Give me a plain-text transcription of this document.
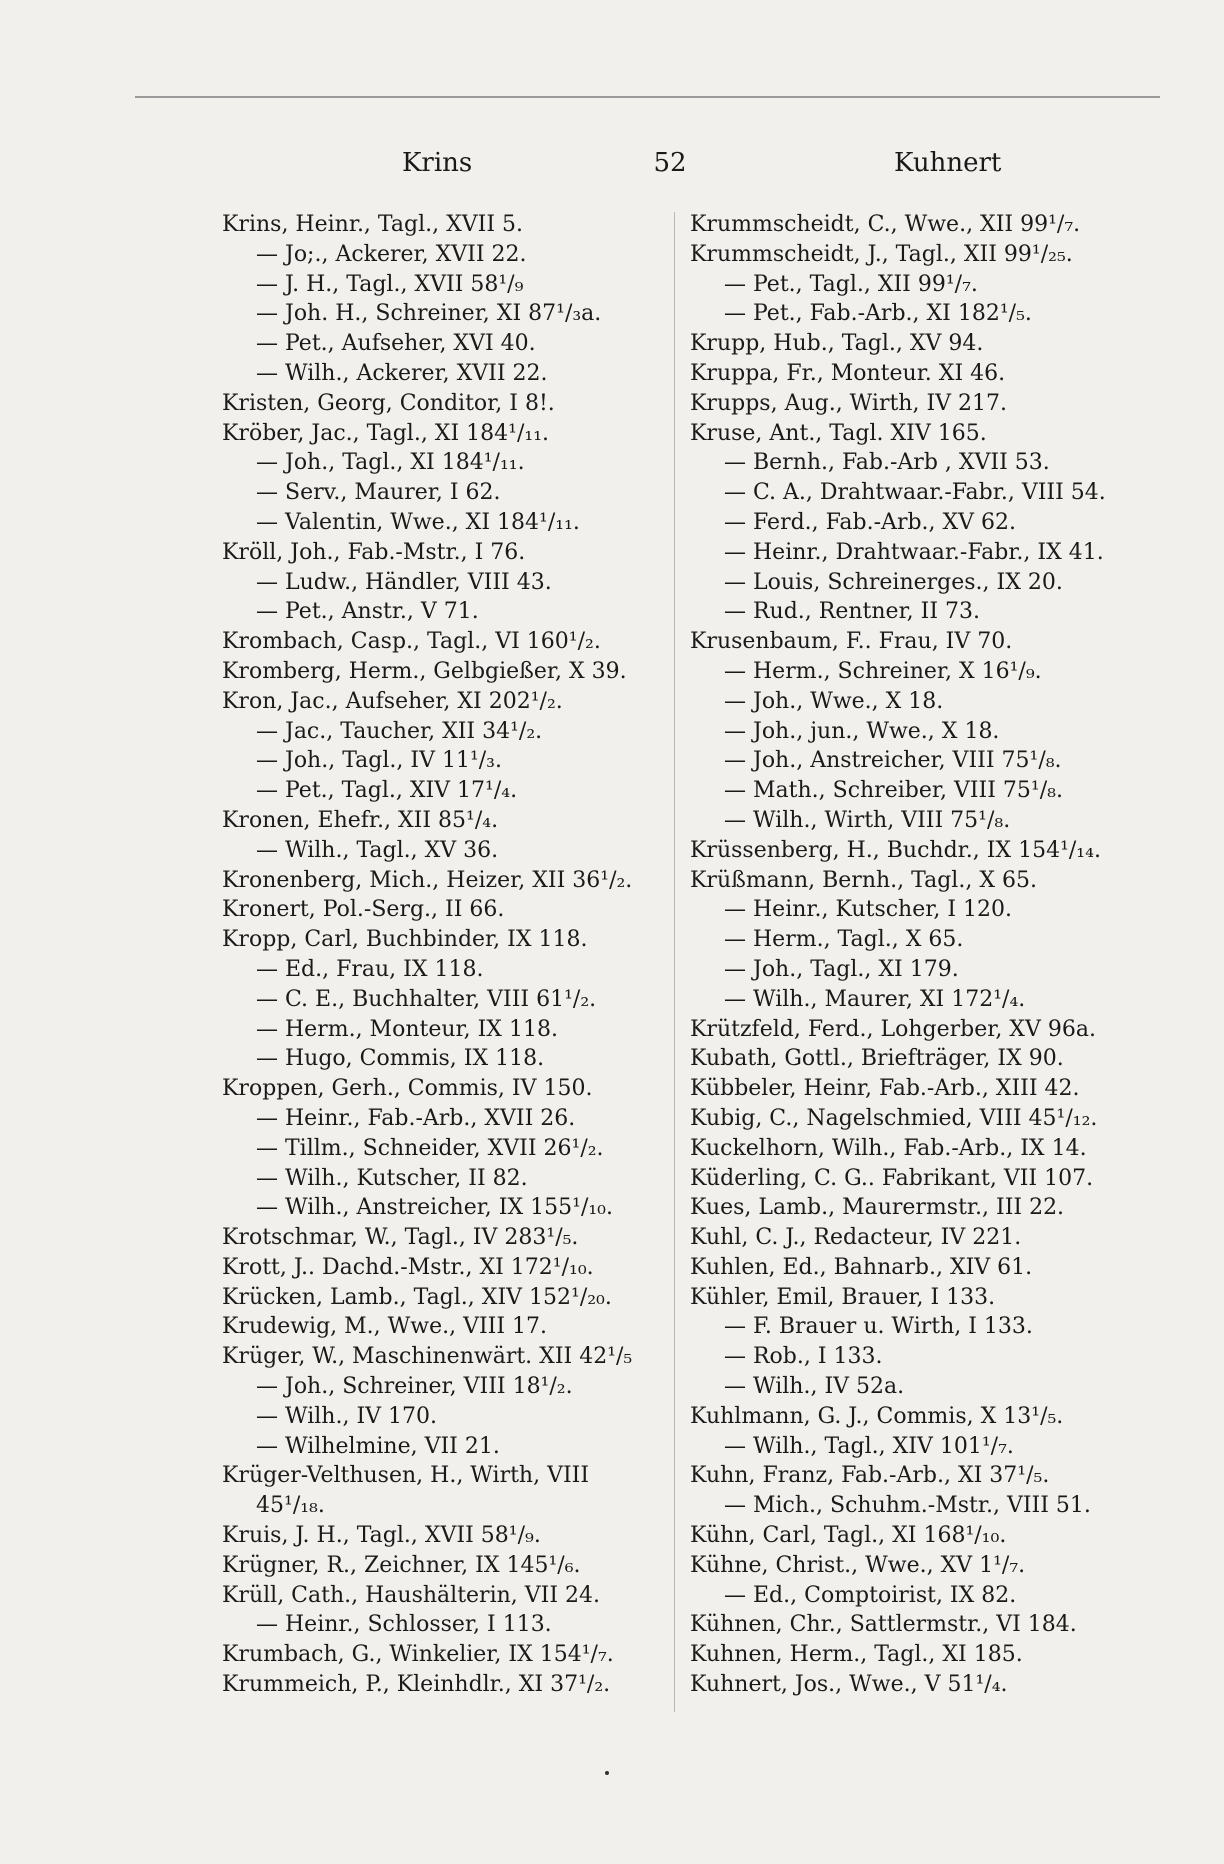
Krins	52	Kuhnert
Krins, Heinr., Tagl., XVII 5.
— Jo;., Ackerer, XVII 22.
— J. H., Tagl., XVII 58¹/₉
— Joh. H., Schreiner, XI 87¹/₃a.
— Pet., Aufseher, XVI 40.
— Wilh., Ackerer, XVII 22.
Kristen, Georg, Conditor, I 8!.
Kröber, Jac., Tagl., XI 184¹/₁₁.
— Joh., Tagl., XI 184¹/₁₁.
— Serv., Maurer, I 62.
— Valentin, Wwe., XI 184¹/₁₁.
Kröll, Joh., Fab.-Mstr., I 76.
— Ludw., Händler, VIII 43.
— Pet., Anstr., V 71.
Krombach, Casp., Tagl., VI 160¹/₂.
Kromberg, Herm., Gelbgießer, X 39.
Kron, Jac., Aufseher, XI 202¹/₂.
— Jac., Taucher, XII 34¹/₂.
— Joh., Tagl., IV 11¹/₃.
— Pet., Tagl., XIV 17¹/₄.
Kronen, Ehefr., XII 85¹/₄.
— Wilh., Tagl., XV 36.
Kronenberg, Mich., Heizer, XII 36¹/₂.
Kronert, Pol.-Serg., II 66.
Kropp, Carl, Buchbinder, IX 118.
— Ed., Frau, IX 118.
— C. E., Buchhalter, VIII 61¹/₂.
— Herm., Monteur, IX 118.
— Hugo, Commis, IX 118.
Kroppen, Gerh., Commis, IV 150.
— Heinr., Fab.-Arb., XVII 26.
— Tillm., Schneider, XVII 26¹/₂.
— Wilh., Kutscher, II 82.
— Wilh., Anstreicher, IX 155¹/₁₀.
Krotschmar, W., Tagl., IV 283¹/₅.
Krott, J.. Dachd.-Mstr., XI 172¹/₁₀.
Krücken, Lamb., Tagl., XIV 152¹/₂₀.
Krudewig, M., Wwe., VIII 17.
Krüger, W., Maschinenwärt. XII 42¹/₅
— Joh., Schreiner, VIII 18¹/₂.
— Wilh., IV 170.
— Wilhelmine, VII 21.
Krüger-Velthusen, H., Wirth, VIII
45¹/₁₈.
Kruis, J. H., Tagl., XVII 58¹/₉.
Krügner, R., Zeichner, IX 145¹/₆.
Krüll, Cath., Haushälterin, VII 24.
— Heinr., Schlosser, I 113.
Krumbach, G., Winkelier, IX 154¹/₇.
Krummeich, P., Kleinhdlr., XI 37¹/₂.
Krummscheidt, C., Wwe., XII 99¹/₇.
Krummscheidt, J., Tagl., XII 99¹/₂₅.
— Pet., Tagl., XII 99¹/₇.
— Pet., Fab.-Arb., XI 182¹/₅.
Krupp, Hub., Tagl., XV 94.
Kruppa, Fr., Monteur. XI 46.
Krupps, Aug., Wirth, IV 217.
Kruse, Ant., Tagl. XIV 165.
— Bernh., Fab.-Arb , XVII 53.
— C. A., Drahtwaar.-Fabr., VIII 54.
— Ferd., Fab.-Arb., XV 62.
— Heinr., Drahtwaar.-Fabr., IX 41.
— Louis, Schreinerges., IX 20.
— Rud., Rentner, II 73.
Krusenbaum, F.. Frau, IV 70.
— Herm., Schreiner, X 16¹/₉.
— Joh., Wwe., X 18.
— Joh., jun., Wwe., X 18.
— Joh., Anstreicher, VIII 75¹/₈.
— Math., Schreiber, VIII 75¹/₈.
— Wilh., Wirth, VIII 75¹/₈.
Krüssenberg, H., Buchdr., IX 154¹/₁₄.
Krüßmann, Bernh., Tagl., X 65.
— Heinr., Kutscher, I 120.
— Herm., Tagl., X 65.
— Joh., Tagl., XI 179.
— Wilh., Maurer, XI 172¹/₄.
Krützfeld, Ferd., Lohgerber, XV 96a.
Kubath, Gottl., Briefträger, IX 90.
Kübbeler, Heinr, Fab.-Arb., XIII 42.
Kubig, C., Nagelschmied, VIII 45¹/₁₂.
Kuckelhorn, Wilh., Fab.-Arb., IX 14.
Küderling, C. G.. Fabrikant, VII 107.
Kues, Lamb., Maurermstr., III 22.
Kuhl, C. J., Redacteur, IV 221.
Kuhlen, Ed., Bahnarb., XIV 61.
Kühler, Emil, Brauer, I 133.
— F. Brauer u. Wirth, I 133.
— Rob., I 133.
— Wilh., IV 52a.
Kuhlmann, G. J., Commis, X 13¹/₅.
— Wilh., Tagl., XIV 101¹/₇.
Kuhn, Franz, Fab.-Arb., XI 37¹/₅.
— Mich., Schuhm.-Mstr., VIII 51.
Kühn, Carl, Tagl., XI 168¹/₁₀.
Kühne, Christ., Wwe., XV 1¹/₇.
— Ed., Comptoirist, IX 82.
Kühnen, Chr., Sattlermstr., VI 184.
Kuhnen, Herm., Tagl., XI 185.
Kuhnert, Jos., Wwe., V 51¹/₄.
